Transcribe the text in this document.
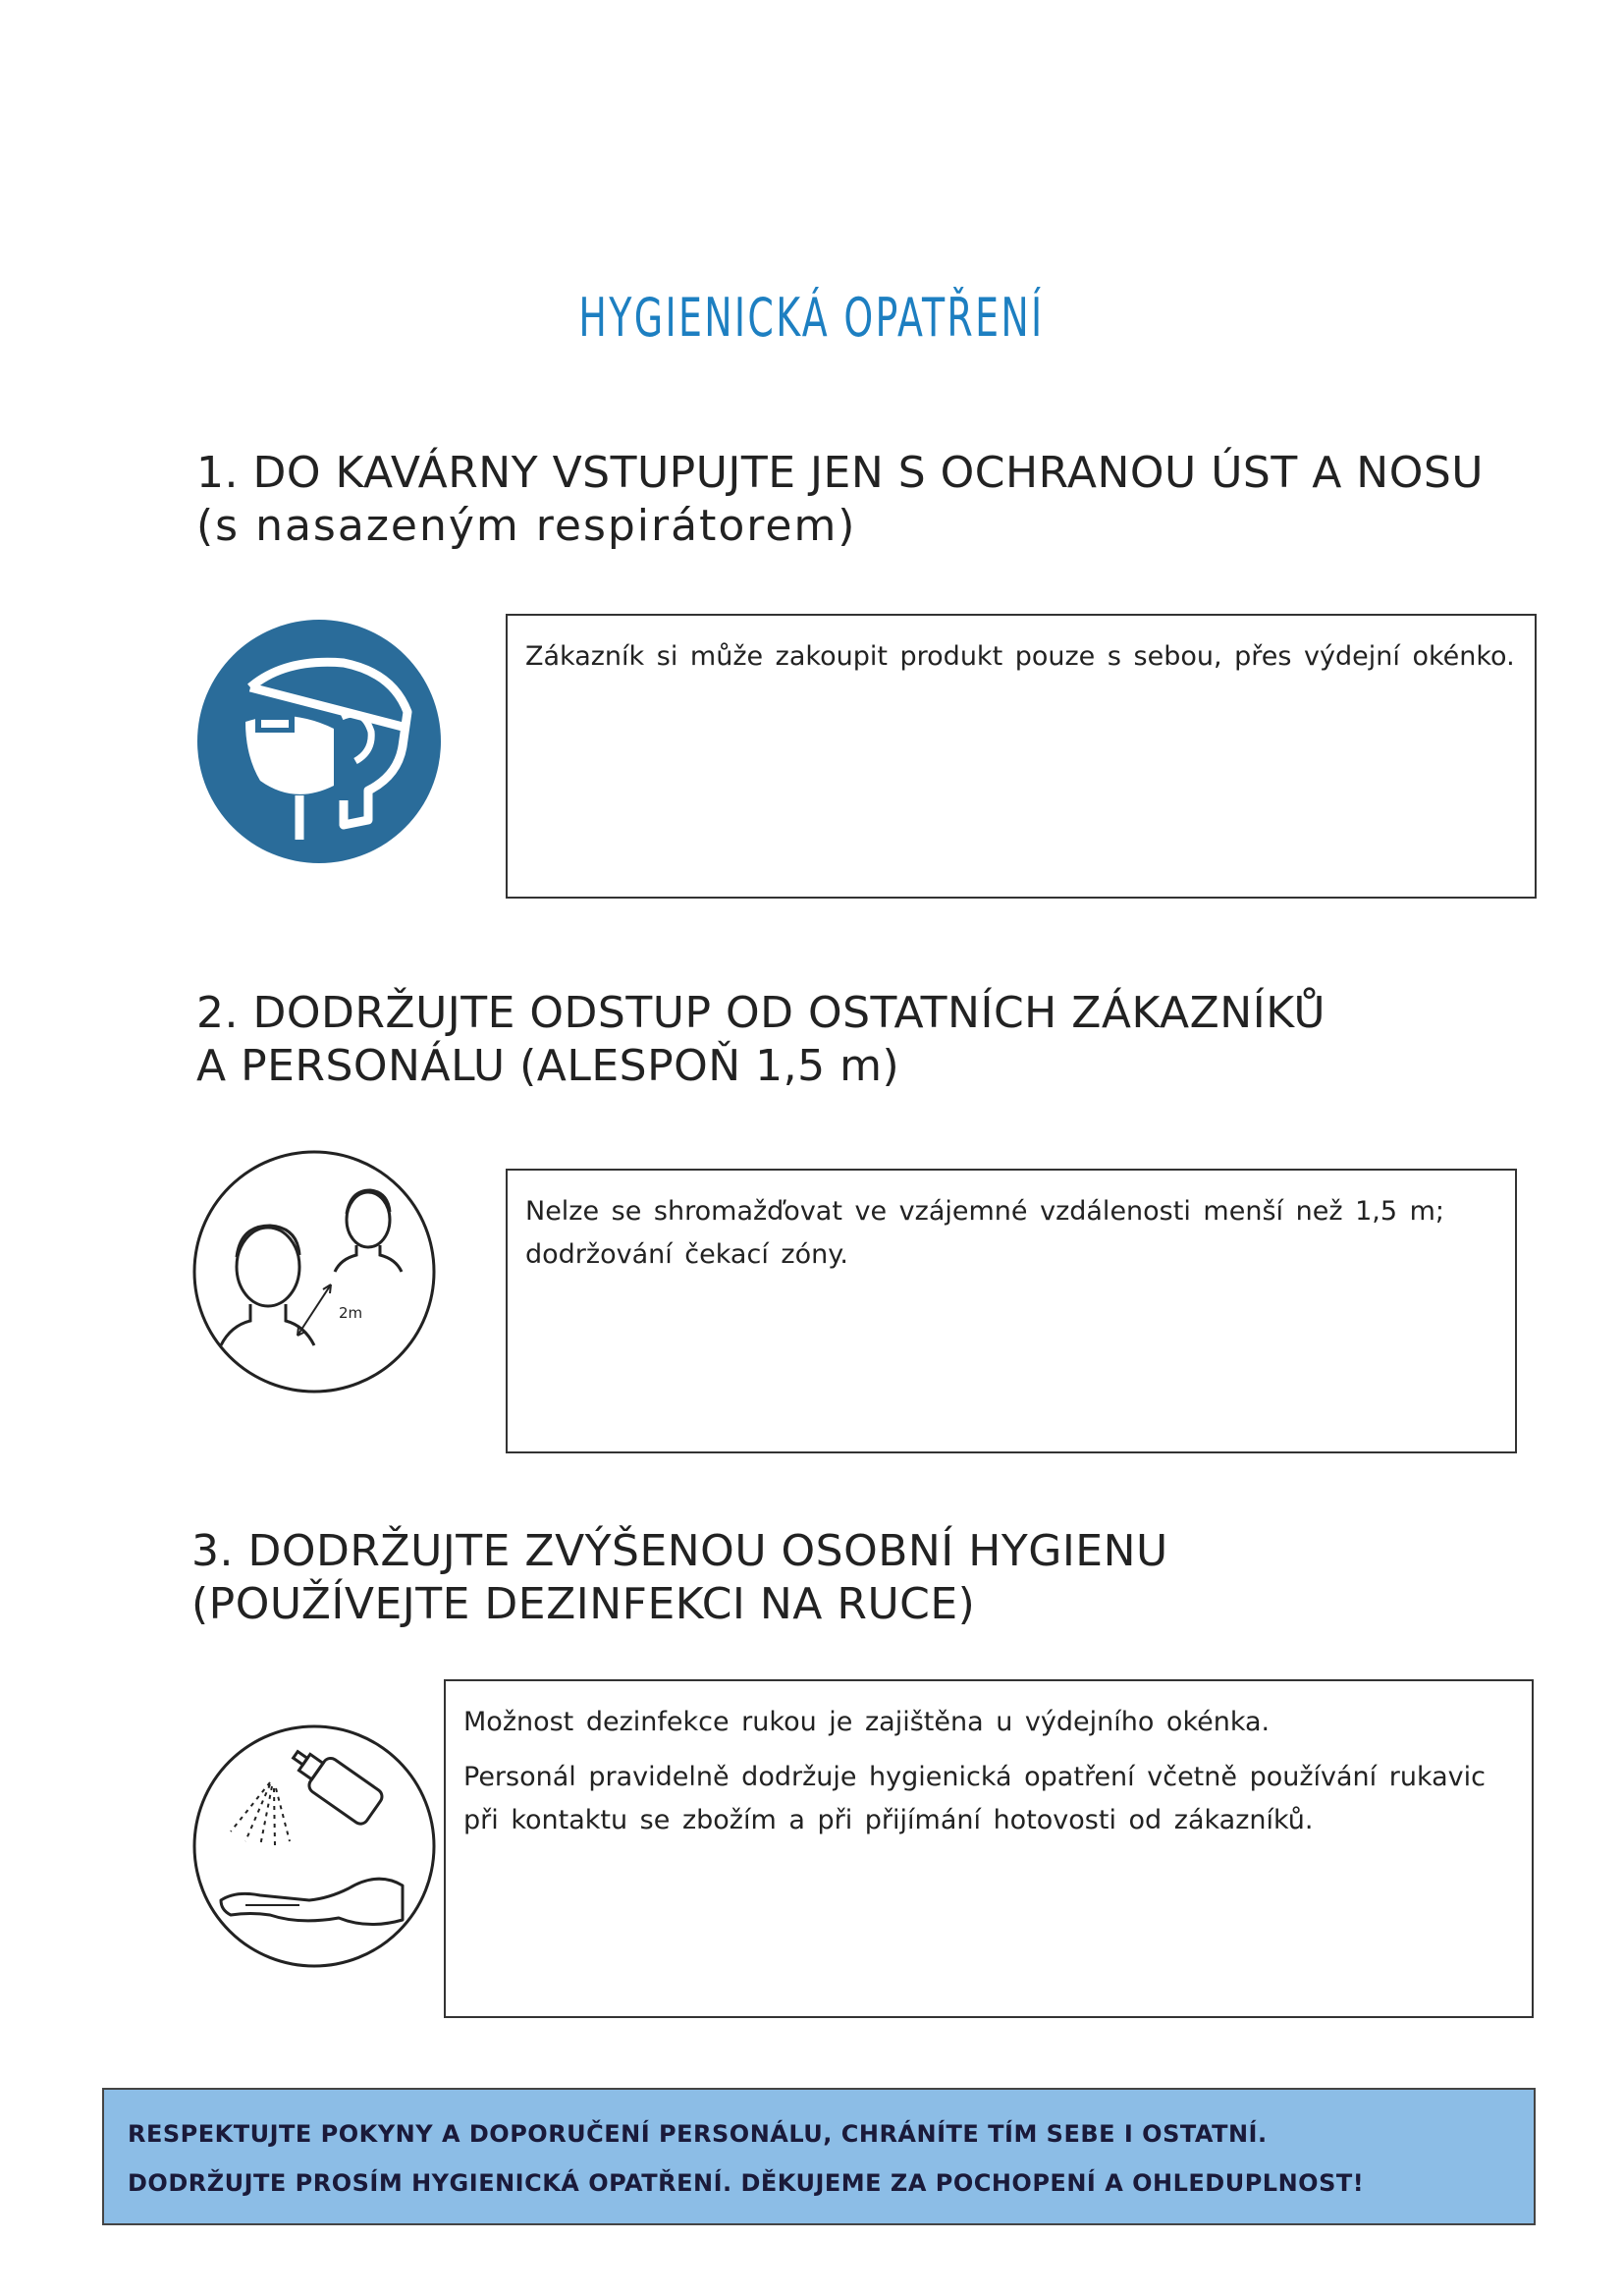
HYGIENICKÁ OPATŘENÍ
1. DO KAVÁRNY VSTUPUJTE JEN S OCHRANOU ÚST A NOSU
(s nasazeným respirátorem)

Zákazník si může zakoupit produkt pouze s sebou, přes výdejní okénko.

2. DODRŽUJTE ODSTUP OD OSTATNÍCH ZÁKAZNÍKŮ
A PERSONÁLU (ALESPOŇ 1,5 m)
2m

Nelze se shromažďovat ve vzájemné vzdálenosti menší než 1,5 m; dodržování čekací zóny.

3. DODRŽUJTE ZVÝŠENOU OSOBNÍ HYGIENU
(POUŽÍVEJTE DEZINFEKCI NA RUCE)

Možnost dezinfekce rukou je zajištěna u výdejního okénka.

Personál pravidelně dodržuje hygienická opatření včetně používání rukavic při kontaktu se zbožím a při přijímání hotovosti od zákazníků.

RESPEKTUJTE POKYNY A DOPORUČENÍ PERSONÁLU, CHRÁNÍTE TÍM SEBE I OSTATNÍ.
DODRŽUJTE PROSÍM HYGIENICKÁ OPATŘENÍ. DĚKUJEME ZA POCHOPENÍ A OHLEDUPLNOST!
